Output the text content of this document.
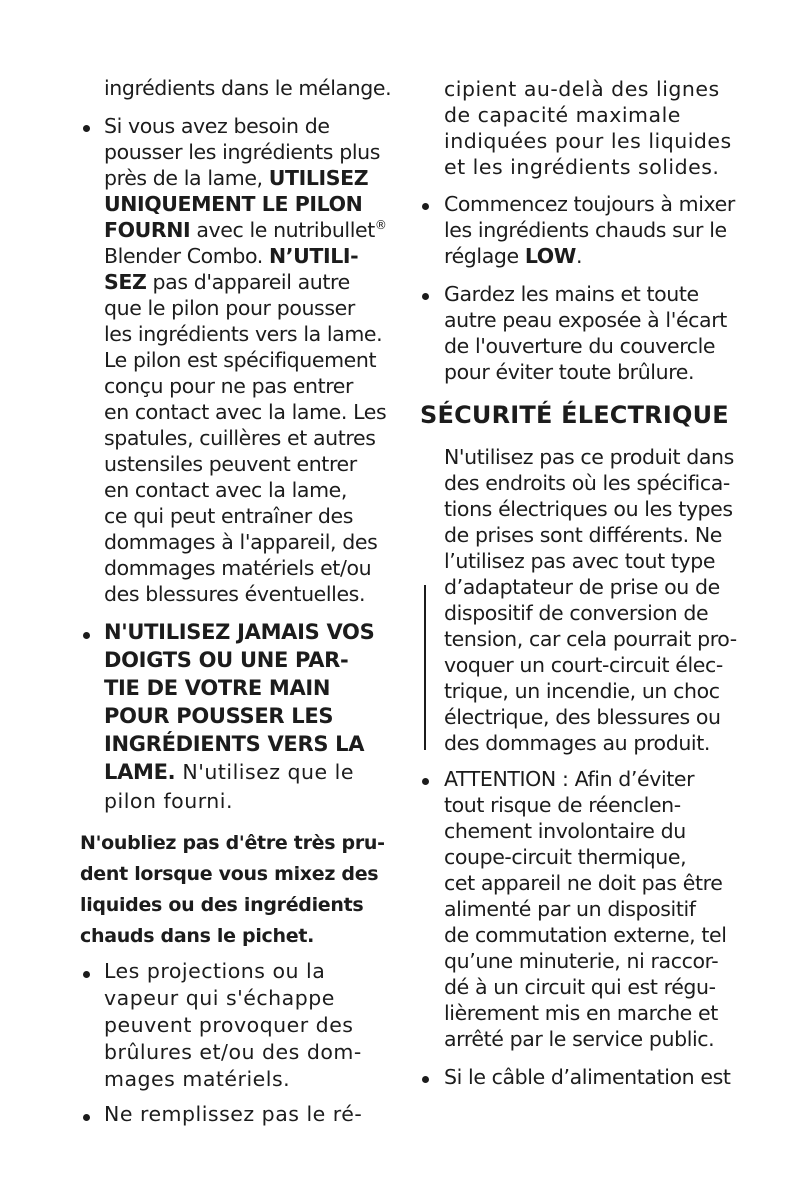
ingrédients dans le mélange.
Si vous avez besoin de
pousser les ingrédients plus
près de la lame, UTILISEZ
UNIQUEMENT LE PILON
FOURNI avec le nutribullet®
Blender Combo. N’UTILI-
SEZ pas d'appareil autre
que le pilon pour pousser
les ingrédients vers la lame.
Le pilon est spécifiquement
conçu pour ne pas entrer
en contact avec la lame. Les
spatules, cuillères et autres
ustensiles peuvent entrer
en contact avec la lame,
ce qui peut entraîner des
dommages à l'appareil, des
dommages matériels et/ou
des blessures éventuelles.
N'UTILISEZ JAMAIS VOS
DOIGTS OU UNE PAR-
TIE DE VOTRE MAIN
POUR POUSSER LES
INGRÉDIENTS VERS LA
LAME. N'utilisez que le
pilon fourni.
N'oubliez pas d'être très pru-
dent lorsque vous mixez des
liquides ou des ingrédients
chauds dans le pichet.
Les projections ou la
vapeur qui s'échappe
peuvent provoquer des
brûlures et/ou des dom-
mages matériels.
Ne remplissez pas le ré-
cipient au-delà des lignes
de capacité maximale
indiquées pour les liquides
et les ingrédients solides.
Commencez toujours à mixer
les ingrédients chauds sur le
réglage LOW.
Gardez les mains et toute
autre peau exposée à l'écart
de l'ouverture du couvercle
pour éviter toute brûlure.
SÉCURITÉ ÉLECTRIQUE
N'utilisez pas ce produit dans
des endroits où les spécifica-
tions électriques ou les types
de prises sont différents. Ne
l’utilisez pas avec tout type
d’adaptateur de prise ou de
dispositif de conversion de
tension, car cela pourrait pro-
voquer un court-circuit élec-
trique, un incendie, un choc
électrique, des blessures ou
des dommages au produit.
ATTENTION : Afin d’éviter
tout risque de réenclen-
chement involontaire du
coupe-circuit thermique,
cet appareil ne doit pas être
alimenté par un dispositif
de commutation externe, tel
qu’une minuterie, ni raccor-
dé à un circuit qui est régu-
lièrement mis en marche et
arrêté par le service public.
Si le câble d’alimentation est
